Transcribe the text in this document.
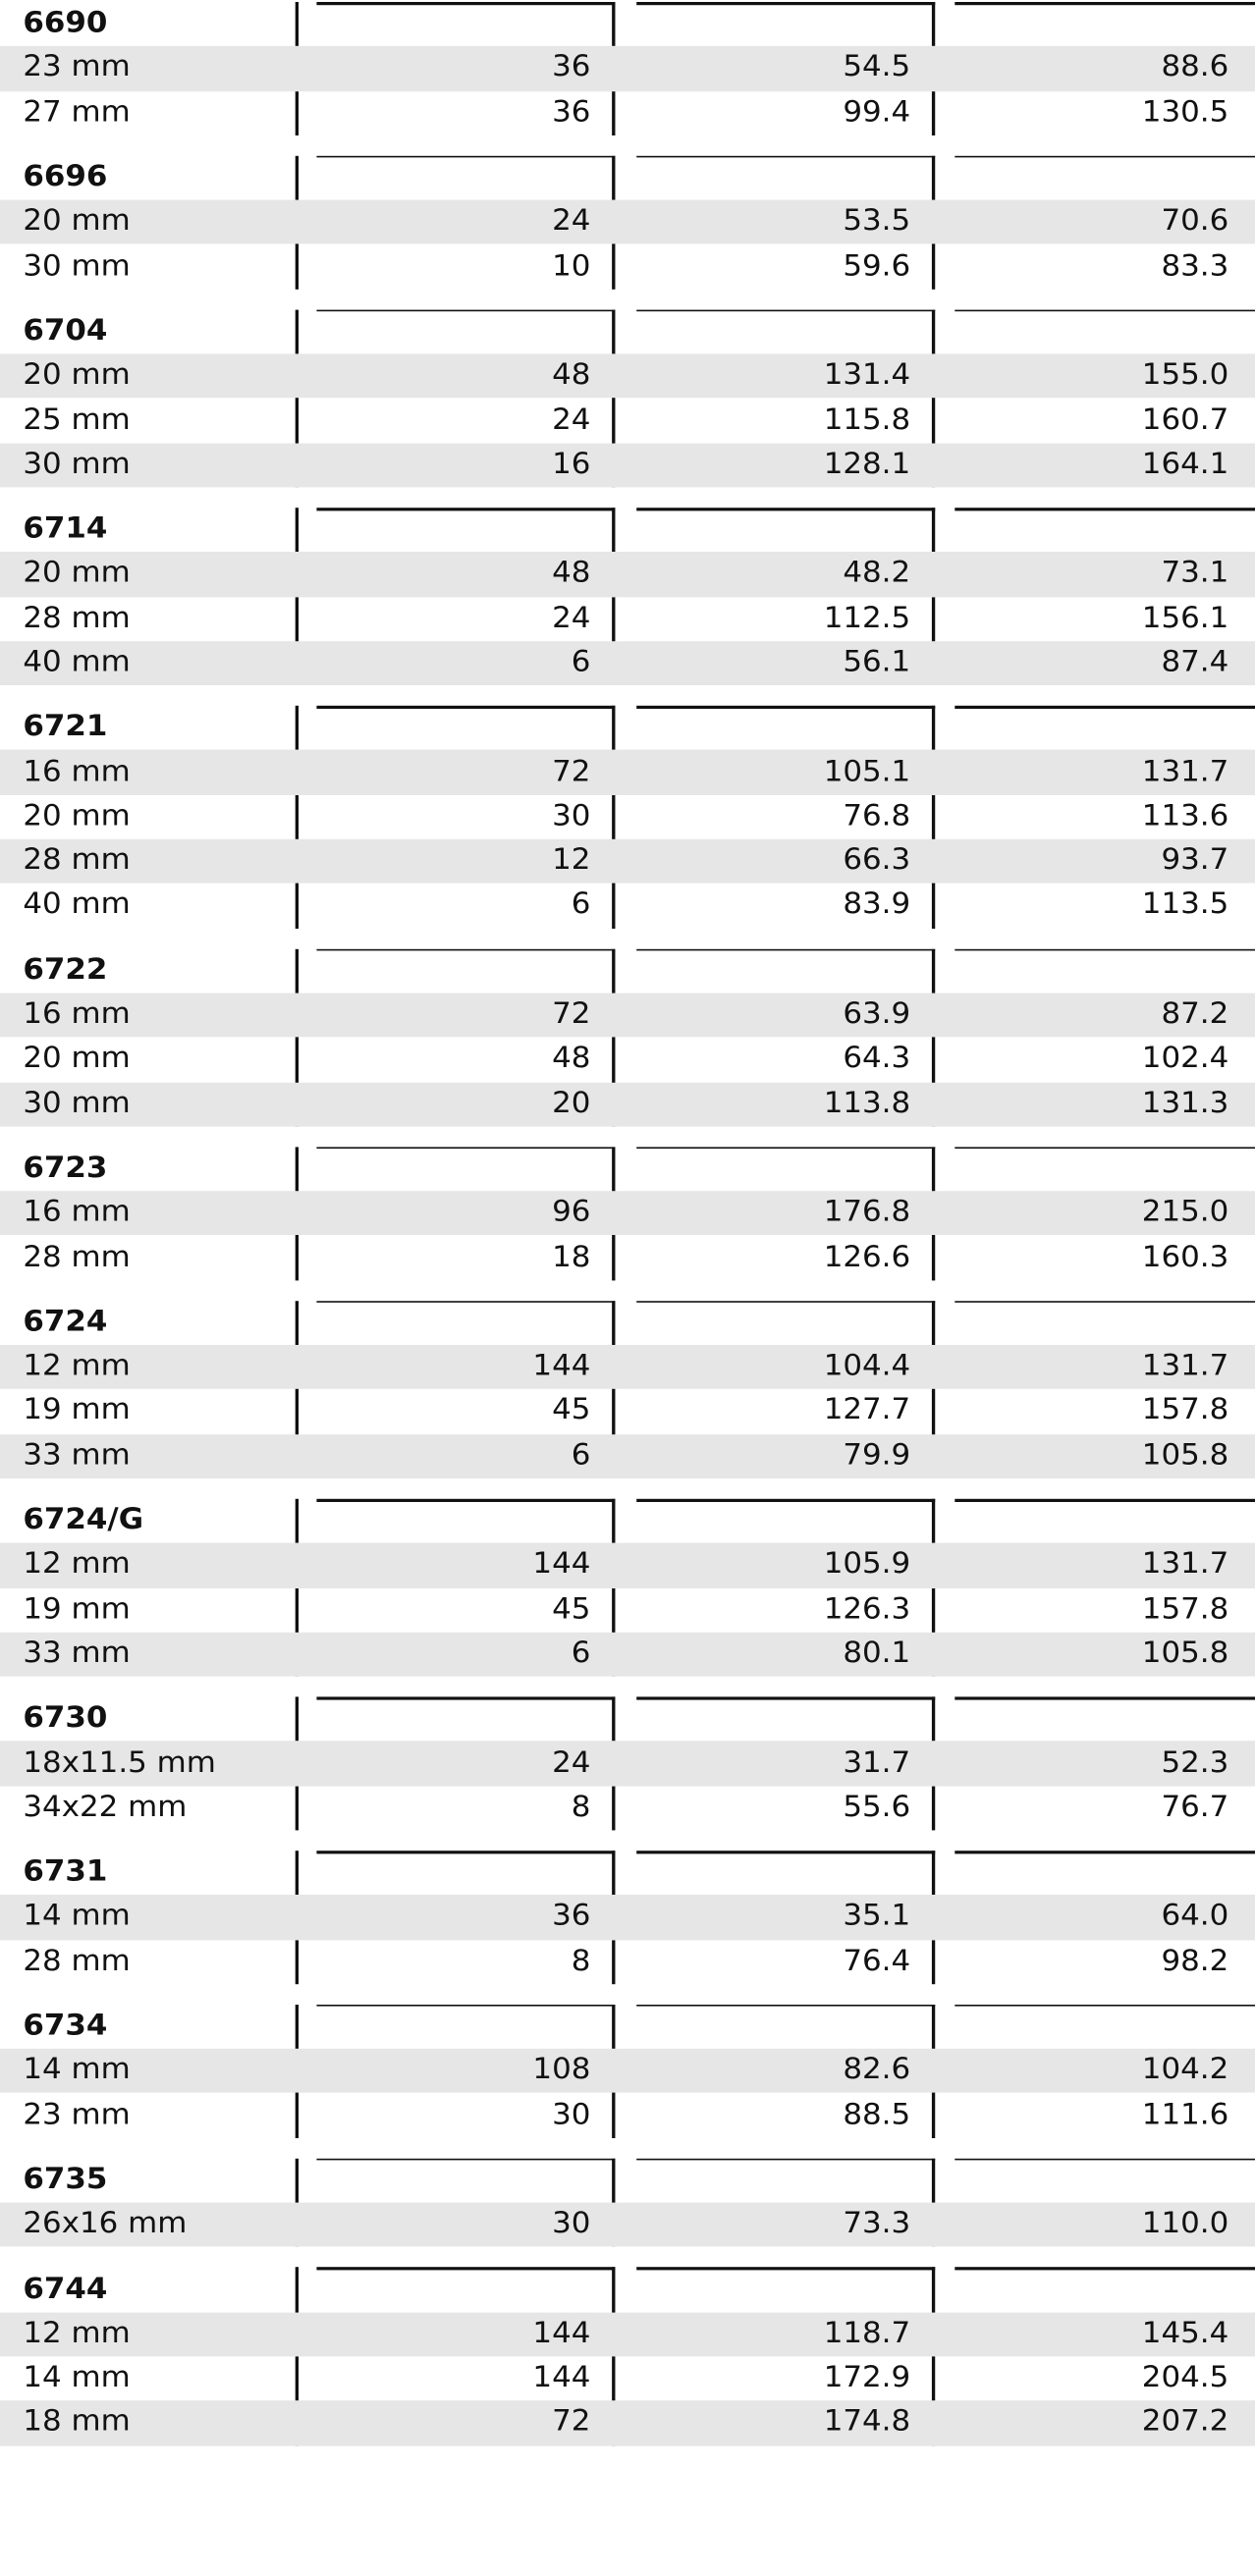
6690
23 mm	36	54.5	88.6
27 mm	36	99.4	130.5
6696
20 mm	24	53.5	70.6
30 mm	10	59.6	83.3
6704
20 mm	48	131.4	155.0
25 mm	24	115.8	160.7
30 mm	16	128.1	164.1
6714
20 mm	48	48.2	73.1
28 mm	24	112.5	156.1
40 mm	6	56.1	87.4
6721
16 mm	72	105.1	131.7
20 mm	30	76.8	113.6
28 mm	12	66.3	93.7
40 mm	6	83.9	113.5
6722
16 mm	72	63.9	87.2
20 mm	48	64.3	102.4
30 mm	20	113.8	131.3
6723
16 mm	96	176.8	215.0
28 mm	18	126.6	160.3
6724
12 mm	144	104.4	131.7
19 mm	45	127.7	157.8
33 mm	6	79.9	105.8
6724/G
12 mm	144	105.9	131.7
19 mm	45	126.3	157.8
33 mm	6	80.1	105.8
6730
18x11.5 mm	24	31.7	52.3
34x22 mm	8	55.6	76.7
6731
14 mm	36	35.1	64.0
28 mm	8	76.4	98.2
6734
14 mm	108	82.6	104.2
23 mm	30	88.5	111.6
6735
26x16 mm	30	73.3	110.0
6744
12 mm	144	118.7	145.4
14 mm	144	172.9	204.5
18 mm	72	174.8	207.2
